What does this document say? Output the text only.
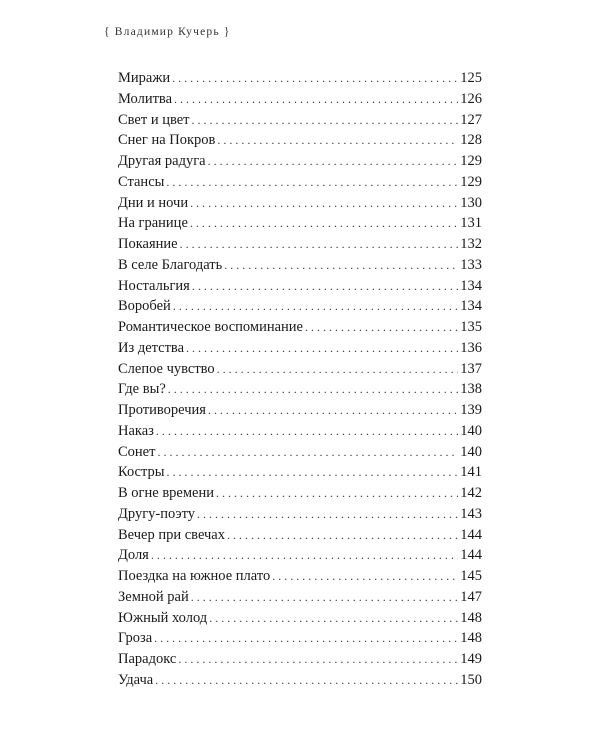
{ Владимир Кучерь }
Миражи . . .	125
Молитва . . .	126
Свет и цвет . . .	127
Снег на Покров . . .	128
Другая радуга . . .	129
Стансы . . .	129
Дни и ночи . . .	130
На границе . . .	131
Покаяние . . .	132
В селе Благодать . . .	133
Ностальгия . . .	134
Воробей . . .	134
Романтическое воспоминание . . .	135
Из детства . . .	136
Слепое чувство . . .	137
Где вы? . . .	138
Противоречия . . .	139
Наказ . . .	140
Сонет . . .	140
Костры . . .	141
В огне времени . . .	142
Другу-поэту . . .	143
Вечер при свечах . . .	144
Доля . . .	144
Поездка на южное плато . . .	145
Земной рай . . .	147
Южный холод . . .	148
Гроза . . .	148
Парадокс . . .	149
Удача . . .	150
